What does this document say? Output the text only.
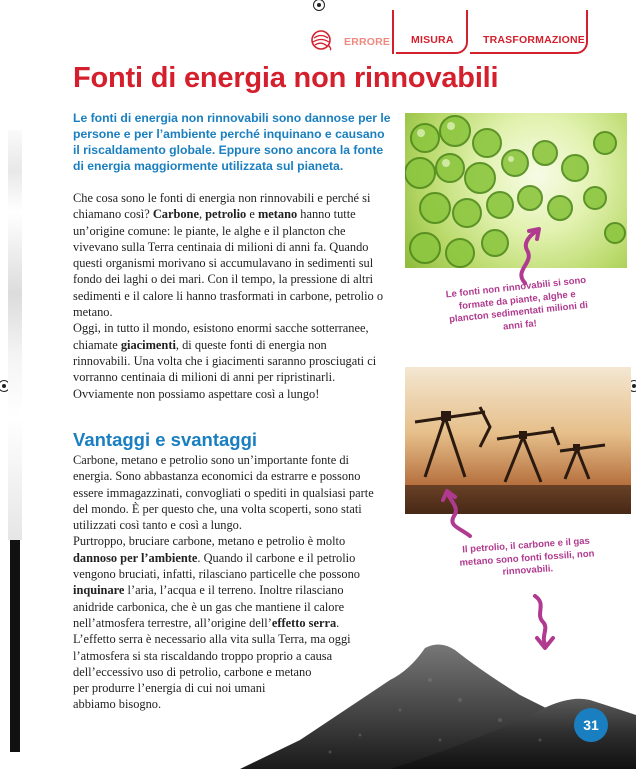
ERRORE MISURA	TRASFORMAZIONE
Fonti di energia non rinnovabili
Le fonti di energia non rinnovabili sono dannose per le persone e per l’ambiente perché inquinano e causano il riscaldamento globale. Eppure sono ancora la fonte di energia maggiormente utilizzata sul pianeta.

Che cosa sono le fonti di energia non rinnovabili e perché si chiamano così? Carbone, petrolio e metano hanno tutte un’origine comune: le piante, le alghe e il plancton che vivevano sulla Terra centinaia di milioni di anni fa. Quando questi organismi morivano si accumulavano in sedimenti sul fondo dei laghi o dei mari. Con il tempo, la pressione di altri sedimenti e il calore li hanno trasformati in carbone, petrolio o metano.

Oggi, in tutto il mondo, esistono enormi sacche sotterranee, chiamate giacimenti, di queste fonti di energia non rinnovabili. Una volta che i giacimenti saranno prosciugati ci vorranno centinaia di milioni di anni per ripristinarli. Ovviamente non possiamo aspettare così a lungo!

Vantaggi e svantaggi

Carbone, metano e petrolio sono un’importante fonte di energia. Sono abbastanza economici da estrarre e possono essere immagazzinati, convogliati o spediti in qualsiasi parte del mondo. È per questo che, una volta scoperti, sono stati utilizzati così tanto e così a lungo.

Purtroppo, bruciare carbone, metano e petrolio è molto dannoso per l’ambiente. Quando il carbone e il petrolio vengono bruciati, infatti, rilasciano particelle che possono inquinare l’aria, l’acqua e il terreno. Inoltre rilasciano anidride carbonica, che è un gas che mantiene il calore nell’atmosfera terrestre, all’origine dell’effetto serra.

L’effetto serra è necessario alla vita sulla Terra, ma oggi
l’atmosfera si sta riscaldando troppo proprio a causa
dell’eccessivo uso di petrolio, carbone e metano
per produrre l’energia di cui noi umani
abbiamo bisogno.

Le fonti non rinnovabili si sono formate da piante, alghe e plancton sedimentati milioni di anni fa!
Il petrolio, il carbone e il gas metano sono fonti fossili, non rinnovabili.
31
